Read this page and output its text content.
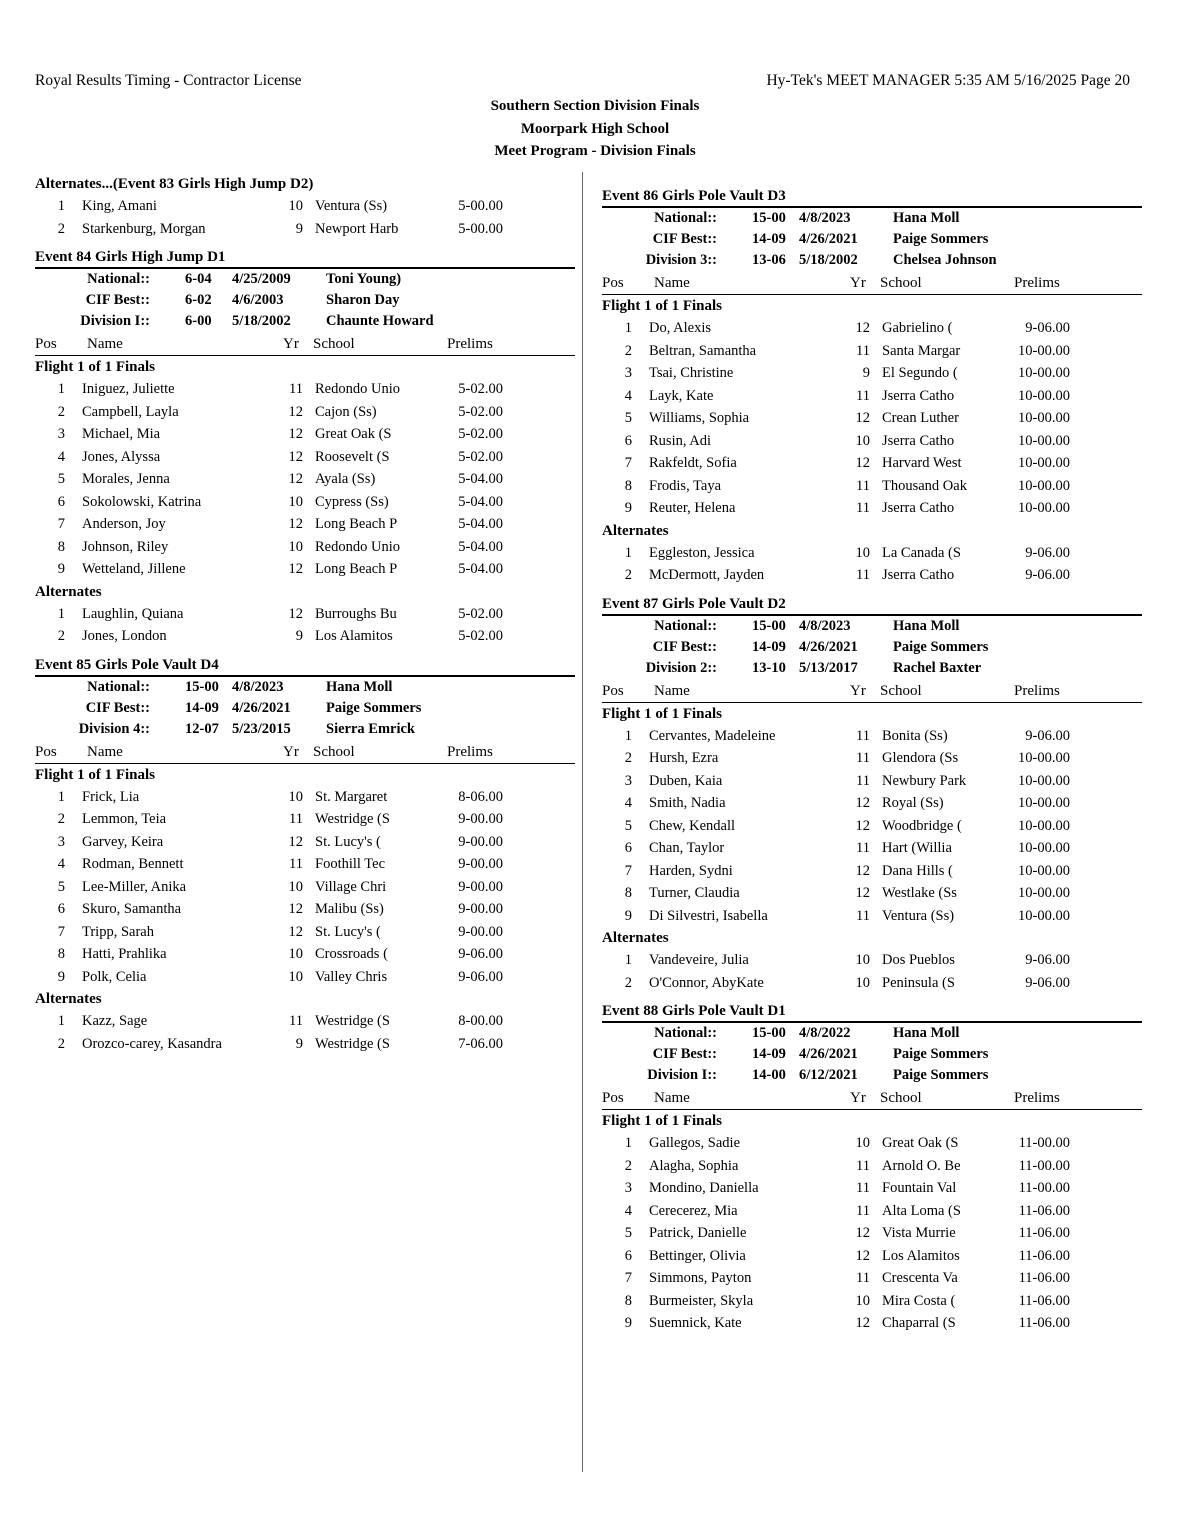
Royal Results Timing - Contractor License	Hy-Tek's MEET MANAGER 5:35 AM 5/16/2025 Page 20
Southern Section Division Finals
Moorpark High School
Meet Program - Division Finals
Alternates...(Event 83 Girls High Jump D2)
1 King, Amani	10 Ventura (Ss)	5-00.00
2 Starkenburg, Morgan	9 Newport Harb	5-00.00
Event 84 Girls High Jump D1
National:: 6-04 4/25/2009 Toni Young)
CIF Best:: 6-02 4/6/2003	Sharon Day
Division I:: 6-00 5/18/2002 Chaunte Howard
Pos Name	Yr School	Prelims
Flight 1 of 1 Finals
1 Iniguez, Juliette	11 Redondo Unio	5-02.00
2 Campbell, Layla	12 Cajon (Ss)	5-02.00
3 Michael, Mia	12 Great Oak (S	5-02.00
4 Jones, Alyssa	12 Roosevelt (S	5-02.00
5 Morales, Jenna	12 Ayala (Ss)	5-04.00
6 Sokolowski, Katrina	10 Cypress (Ss)	5-04.00
7 Anderson, Joy	12 Long Beach P	5-04.00
8 Johnson, Riley	10 Redondo Unio	5-04.00
9 Wetteland, Jillene	12 Long Beach P	5-04.00
Alternates
1 Laughlin, Quiana	12 Burroughs Bu	5-02.00
2 Jones, London	9 Los Alamitos	5-02.00
Event 85 Girls Pole Vault D4
National:: 15-00 4/8/2023	Hana Moll
CIF Best:: 14-09 4/26/2021 Paige Sommers
Division 4:: 12-07 5/23/2015 Sierra Emrick
Pos Name	Yr School	Prelims
Flight 1 of 1 Finals
1 Frick, Lia	10 St. Margaret	8-06.00
2 Lemmon, Teia	11 Westridge (S	9-00.00
3 Garvey, Keira	12 St. Lucy's (	9-00.00
4 Rodman, Bennett	11 Foothill Tec	9-00.00
5 Lee-Miller, Anika	10 Village Chri	9-00.00
6 Skuro, Samantha	12 Malibu (Ss)	9-00.00
7 Tripp, Sarah	12 St. Lucy's (	9-00.00
8 Hatti, Prahlika	10 Crossroads (	9-06.00
9 Polk, Celia	10 Valley Chris	9-06.00
Alternates
1 Kazz, Sage	11 Westridge (S	8-00.00
2 Orozco-carey, Kasandra	9 Westridge (S	7-06.00
Event 86 Girls Pole Vault D3
National:: 15-00 4/8/2023	Hana Moll
CIF Best:: 14-09 4/26/2021 Paige Sommers
Division 3:: 13-06 5/18/2002 Chelsea Johnson
Pos Name	Yr School	Prelims
Flight 1 of 1 Finals
1 Do, Alexis	12 Gabrielino (	9-06.00
2 Beltran, Samantha	11 Santa Margar	10-00.00
3 Tsai, Christine	9 El Segundo (	10-00.00
4 Layk, Kate	11 Jserra Catho	10-00.00
5 Williams, Sophia	12 Crean Luther	10-00.00
6 Rusin, Adi	10 Jserra Catho	10-00.00
7 Rakfeldt, Sofia	12 Harvard West	10-00.00
8 Frodis, Taya	11 Thousand Oak	10-00.00
9 Reuter, Helena	11 Jserra Catho	10-00.00
Alternates
1 Eggleston, Jessica	10 La Canada (S	9-06.00
2 McDermott, Jayden	11 Jserra Catho	9-06.00
Event 87 Girls Pole Vault D2
National:: 15-00 4/8/2023	Hana Moll
CIF Best:: 14-09 4/26/2021 Paige Sommers
Division 2:: 13-10 5/13/2017 Rachel Baxter
Pos Name	Yr School	Prelims
Flight 1 of 1 Finals
1 Cervantes, Madeleine	11 Bonita (Ss)	9-06.00
2 Hursh, Ezra	11 Glendora (Ss	10-00.00
3 Duben, Kaia	11 Newbury Park	10-00.00
4 Smith, Nadia	12 Royal (Ss)	10-00.00
5 Chew, Kendall	12 Woodbridge (	10-00.00
6 Chan, Taylor	11 Hart (Willia	10-00.00
7 Harden, Sydni	12 Dana Hills (	10-00.00
8 Turner, Claudia	12 Westlake (Ss	10-00.00
9 Di Silvestri, Isabella	11 Ventura (Ss)	10-00.00
Alternates
1 Vandeveire, Julia	10 Dos Pueblos	9-06.00
2 O'Connor, AbyKate	10 Peninsula (S	9-06.00
Event 88 Girls Pole Vault D1
National:: 15-00 4/8/2022	Hana Moll
CIF Best:: 14-09 4/26/2021 Paige Sommers
Division I:: 14-00 6/12/2021 Paige Sommers
Pos Name	Yr School	Prelims
Flight 1 of 1 Finals
1 Gallegos, Sadie	10 Great Oak (S	11-00.00
2 Alagha, Sophia	11 Arnold O. Be	11-00.00
3 Mondino, Daniella	11 Fountain Val	11-00.00
4 Cerecerez, Mia	11 Alta Loma (S	11-06.00
5 Patrick, Danielle	12 Vista Murrie	11-06.00
6 Bettinger, Olivia	12 Los Alamitos	11-06.00
7 Simmons, Payton	11 Crescenta Va	11-06.00
8 Burmeister, Skyla	10 Mira Costa (	11-06.00
9 Suemnick, Kate	12 Chaparral (S	11-06.00
